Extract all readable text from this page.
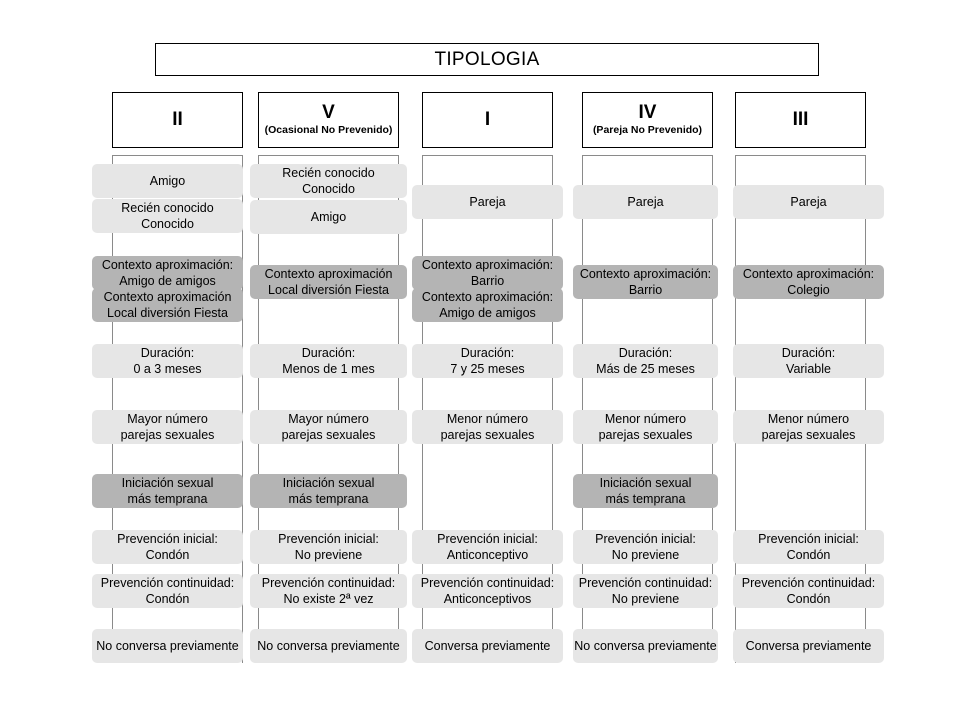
TIPOLOGIA
II
Amigo
Recién conocido
Conocido
Contexto aproximación:
Amigo de amigos
Contexto aproximación
Local diversión Fiesta
Duración:
0 a 3 meses
Mayor número
parejas sexuales
Iniciación sexual
más temprana
Prevención inicial:
Condón
Prevención continuidad:
Condón
No conversa previamente
V
(Ocasional No Prevenido)
Recién conocido
Conocido
Amigo
Contexto aproximación
Local diversión Fiesta
Duración:
Menos de 1 mes
Mayor número
parejas sexuales
Iniciación sexual
más temprana
Prevención inicial:
No previene
Prevención continuidad:
No existe 2ª vez
No conversa previamente
I
Pareja
Contexto aproximación:
Barrio
Contexto aproximación:
Amigo de amigos
Duración:
7 y 25 meses
Menor número
parejas sexuales
Prevención inicial:
Anticonceptivo
Prevención continuidad:
Anticonceptivos
Conversa previamente
IV
(Pareja No Prevenido)
Pareja
Contexto aproximación:
Barrio
Duración:
Más de 25 meses
Menor número
parejas sexuales
Iniciación sexual
más temprana
Prevención inicial:
No previene
Prevención continuidad:
No previene
No conversa previamente
III
Pareja
Contexto aproximación:
Colegio
Duración:
Variable
Menor número
parejas sexuales
Prevención inicial:
Condón
Prevención continuidad:
Condón
Conversa previamente
